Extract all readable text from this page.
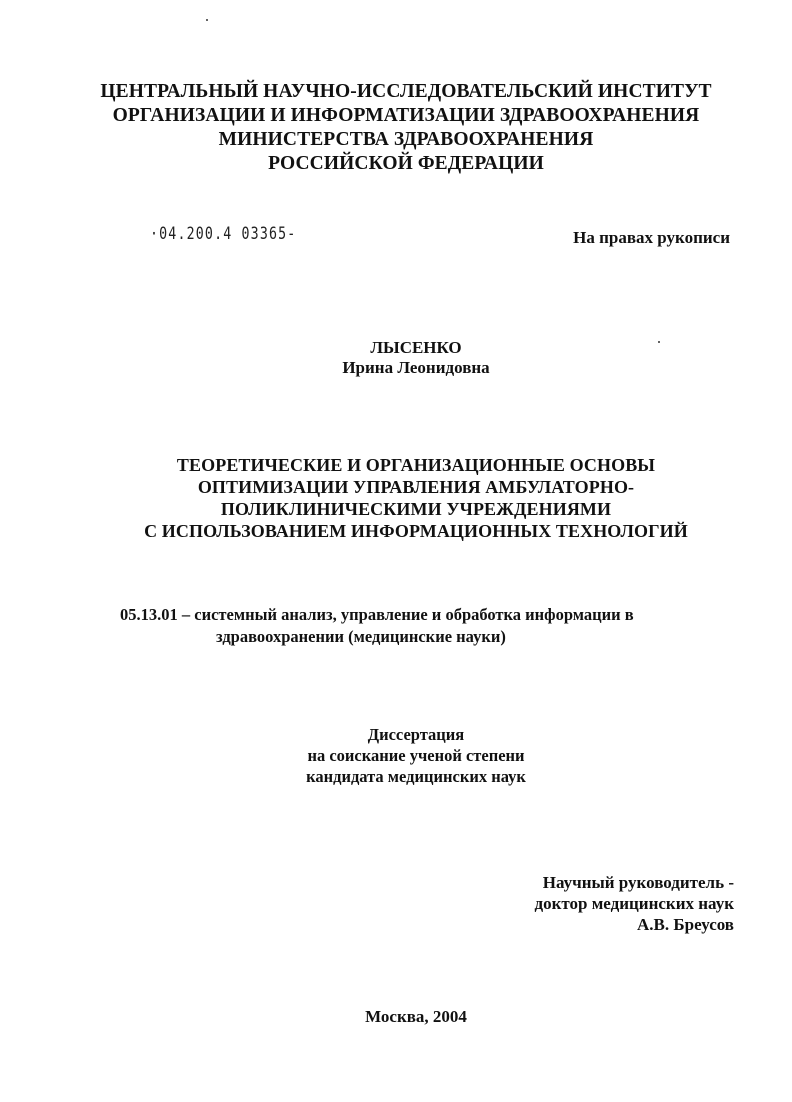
ЦЕНТРАЛЬНЫЙ НАУЧНО-ИССЛЕДОВАТЕЛЬСКИЙ ИНСТИТУТ
ОРГАНИЗАЦИИ И ИНФОРМАТИЗАЦИИ ЗДРАВООХРАНЕНИЯ
МИНИСТЕРСТВА ЗДРАВООХРАНЕНИЯ
РОССИЙСКОЙ ФЕДЕРАЦИИ
·04.200.4 03365-	На правах рукописи
ЛЫСЕНКО
Ирина Леонидовна
ТЕОРЕТИЧЕСКИЕ И ОРГАНИЗАЦИОННЫЕ ОСНОВЫ
ОПТИМИЗАЦИИ УПРАВЛЕНИЯ АМБУЛАТОРНО-
ПОЛИКЛИНИЧЕСКИМИ УЧРЕЖДЕНИЯМИ
С ИСПОЛЬЗОВАНИЕМ ИНФОРМАЦИОННЫХ ТЕХНОЛОГИЙ
05.13.01 – системный анализ, управление и обработка информации в
здравоохранении (медицинские науки)
Диссертация
на соискание ученой степени
кандидата медицинских наук
Научный руководитель -
доктор медицинских наук
А.В. Бреусов
Москва, 2004
